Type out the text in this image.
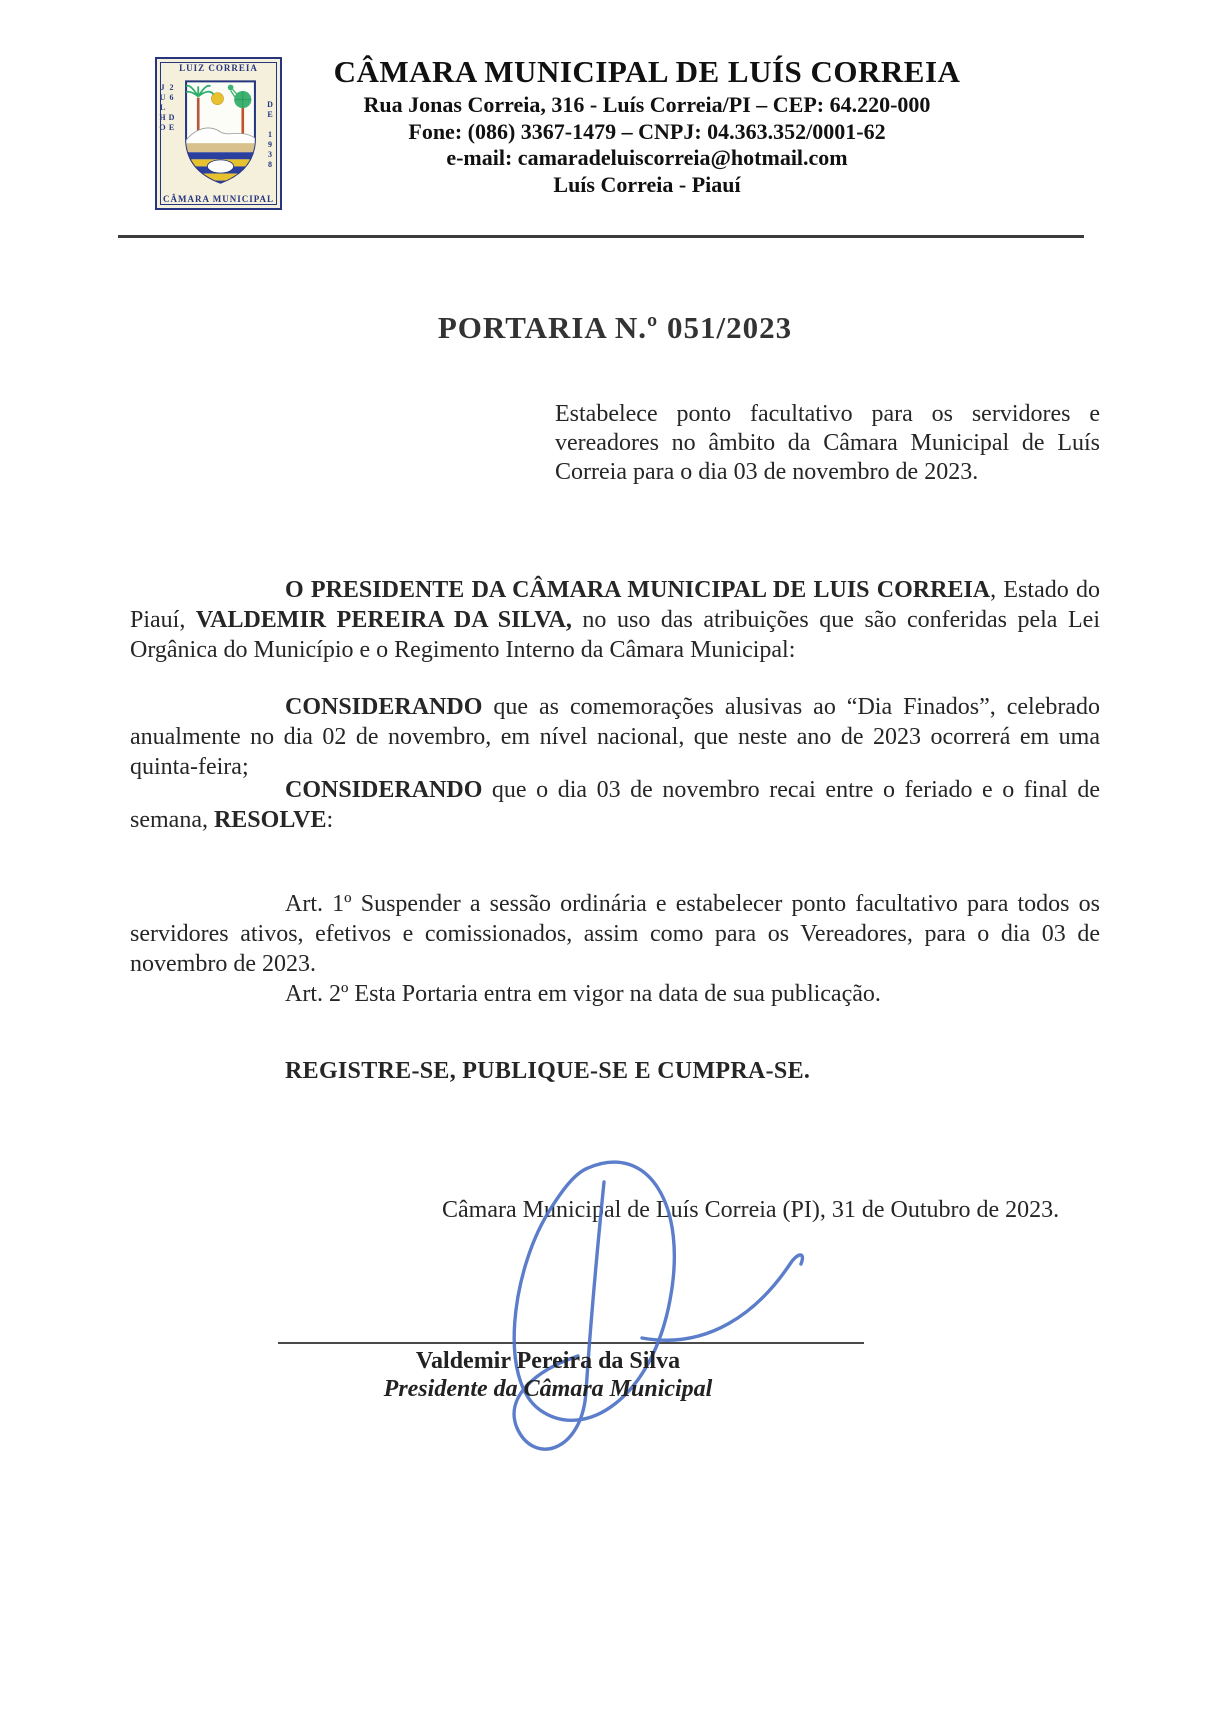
LUIZ CORREIA
26 DE JULHO	DE 1938
CÂMARA MUNICIPAL
CÂMARA MUNICIPAL DE LUÍS CORREIA
Rua Jonas Correia, 316 - Luís Correia/PI – CEP: 64.220-000
Fone: (086) 3367-1479 – CNPJ: 04.363.352/0001-62
e-mail: camaradeluiscorreia@hotmail.com
Luís Correia - Piauí
PORTARIA N.º 051/2023
Estabelece ponto facultativo para os servidores e vereadores no âmbito da Câmara Municipal de Luís Correia para o dia 03 de novembro de 2023.

O PRESIDENTE DA CÂMARA MUNICIPAL DE LUIS CORREIA, Estado do Piauí, VALDEMIR PEREIRA DA SILVA, no uso das atribuições que são conferidas pela Lei Orgânica do Município e o Regimento Interno da Câmara Municipal:

CONSIDERANDO que as comemorações alusivas ao “Dia Finados”, celebrado anualmente no dia 02 de novembro, em nível nacional, que neste ano de 2023 ocorrerá em uma quinta-feira;

CONSIDERANDO que o dia 03 de novembro recai entre o feriado e o final de semana, RESOLVE:

Art. 1º Suspender a sessão ordinária e estabelecer ponto facultativo para todos os servidores ativos, efetivos e comissionados, assim como para os Vereadores, para o dia 03 de novembro de 2023.

Art. 2º Esta Portaria entra em vigor na data de sua publicação.

REGISTRE-SE, PUBLIQUE-SE E CUMPRA-SE.
Câmara Municipal de Luís Correia (PI), 31 de Outubro de 2023.
Valdemir Pereira da Silva
Presidente da Câmara Municipal
